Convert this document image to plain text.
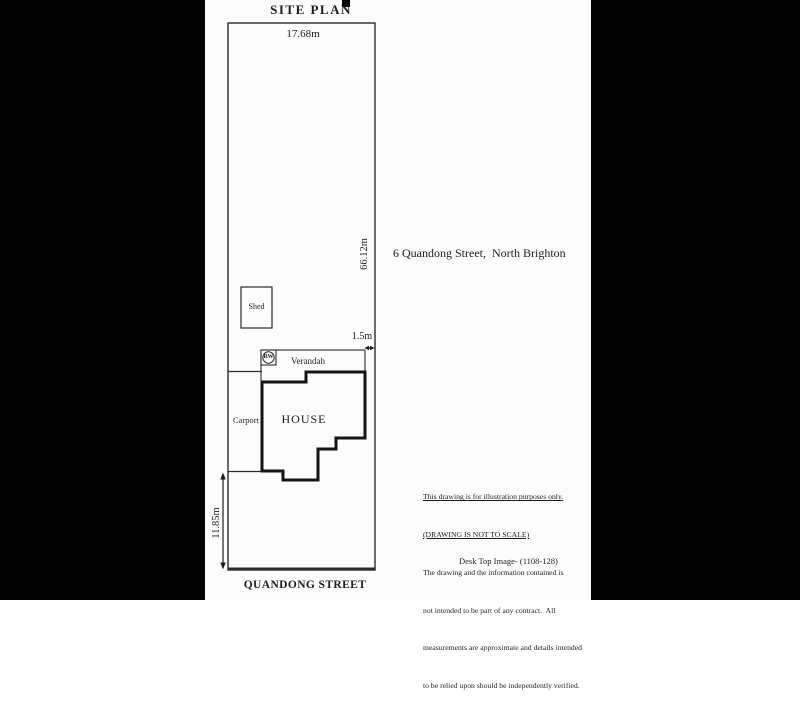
SITE PLAN
17.68m
66.12m 6 Quandong Street,  North Brighton
Shed
1.5m
Verandah
RW
Carport	HOUSE
11.85m

This drawing is for illustration purposes only.

(DRAWING IS NOT TO SCALE)

The drawing and the information contained is

not intended to be part of any contract.  All

measurements are approximate and details intended

to be relied upon should be independently verified.

Desk Top Image- (1108-128)
QUANDONG STREET
